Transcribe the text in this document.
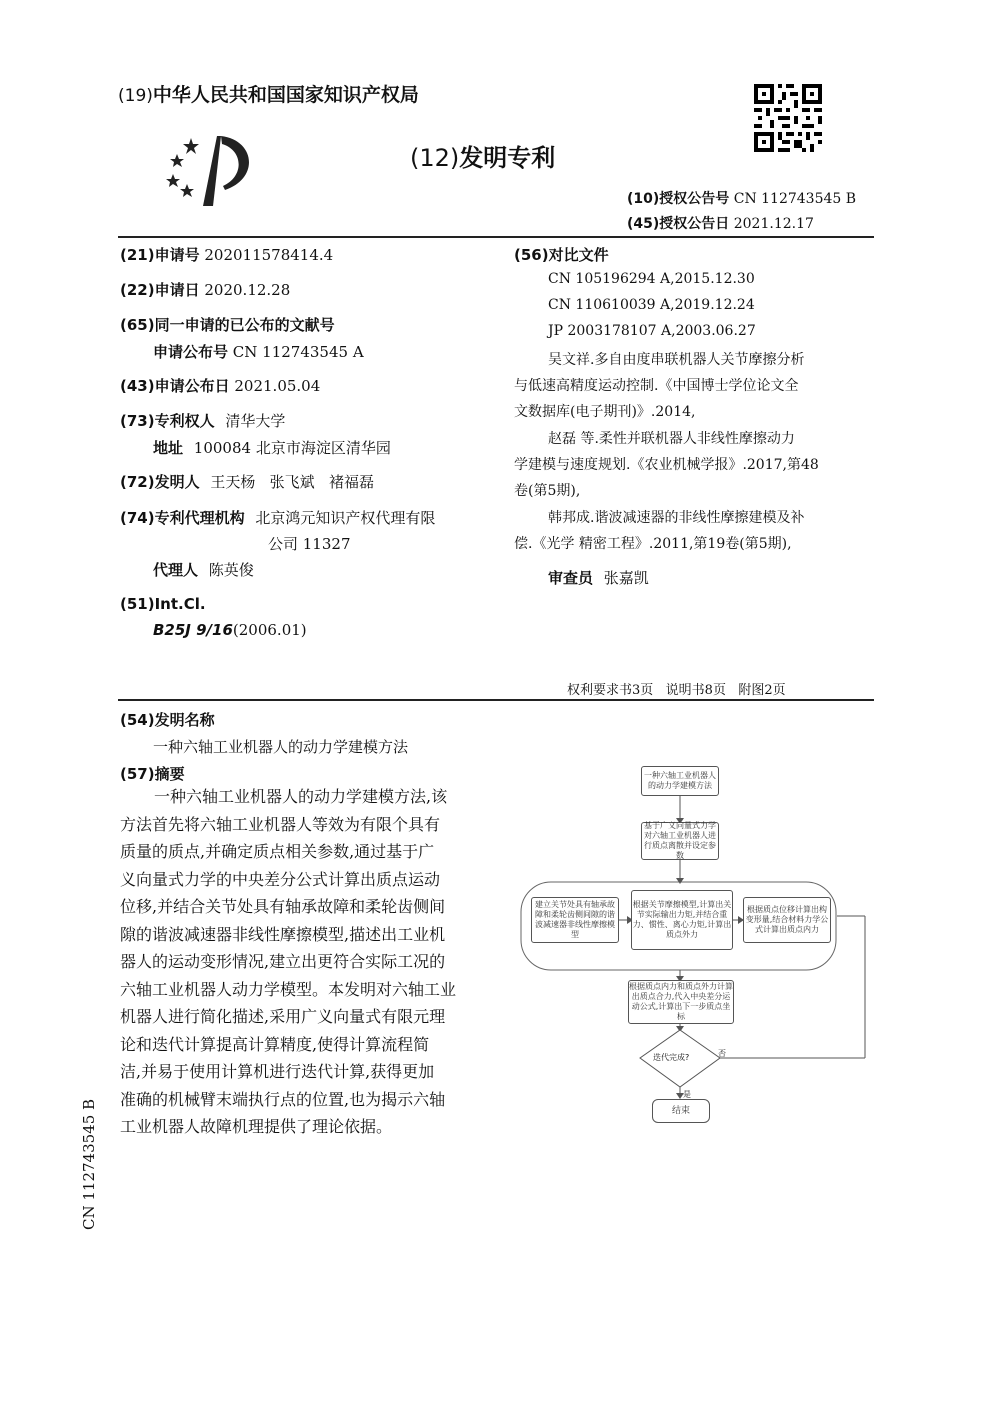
(19)中华人民共和国国家知识产权局
(12)发明专利
(10)授权公告号 CN 112743545 B
(45)授权公告日 2021.12.17
(21)申请号 202011578414.4
(22)申请日 2020.12.28
(65)同一申请的已公布的文献号
申请公布号 CN 112743545 A
(43)申请公布日 2021.05.04
(73)专利权人 清华大学
地址 100084 北京市海淀区清华园
(72)发明人 王天杨   张飞斌   褚福磊
(74)专利代理机构 北京鸿元知识产权代理有限
公司 11327
代理人 陈英俊
(51)Int.Cl.
B25J 9/16(2006.01)
(56)对比文件
CN 105196294 A,2015.12.30
CN 110610039 A,2019.12.24
JP 2003178107 A,2003.06.27
吴文祥.多自由度串联机器人关节摩擦分析
与低速高精度运动控制.《中国博士学位论文全
文数据库(电子期刊)》.2014,
赵磊 等.柔性并联机器人非线性摩擦动力
学建模与速度规划.《农业机械学报》.2017,第48
卷(第5期),
韩邦成.谐波减速器的非线性摩擦建模及补
偿.《光学 精密工程》.2011,第19卷(第5期),
审查员 张嘉凯
权利要求书3页   说明书8页   附图2页
(54)发明名称
一种六轴工业机器人的动力学建模方法
(57)摘要
一种六轴工业机器人的动力学建模方法,该
方法首先将六轴工业机器人等效为有限个具有
质量的质点,并确定质点相关参数,通过基于广
义向量式力学的中央差分公式计算出质点运动
位移,并结合关节处具有轴承故障和柔轮齿侧间
隙的谐波减速器非线性摩擦模型,描述出工业机
器人的运动变形情况,建立出更符合实际工况的
六轴工业机器人动力学模型。本发明对六轴工业
机器人进行简化描述,采用广义向量式有限元理
论和迭代计算提高计算精度,使得计算流程简
洁,并易于使用计算机进行迭代计算,获得更加
准确的机械臂末端执行点的位置,也为揭示六轴
工业机器人故障机理提供了理论依据。
一种六轴工业机器人的动力学建模方法
基于广义向量式力学对六轴工业机器人进行质点离散并设定参数
建立关节处具有轴承故障和柔轮齿侧间隙的谐波减速器非线性摩擦模型
根据关节摩擦模型,计算出关节实际输出力矩,并结合重力、惯性、离心力矩,计算出质点外力
根据质点位移计算出构变形量,结合材料力学公式计算出质点内力
根据质点内力和质点外力计算出质点合力,代入中央差分运动公式,计算出下一步质点坐标
迭代完成?
是
否
结束
CN 112743545 B
